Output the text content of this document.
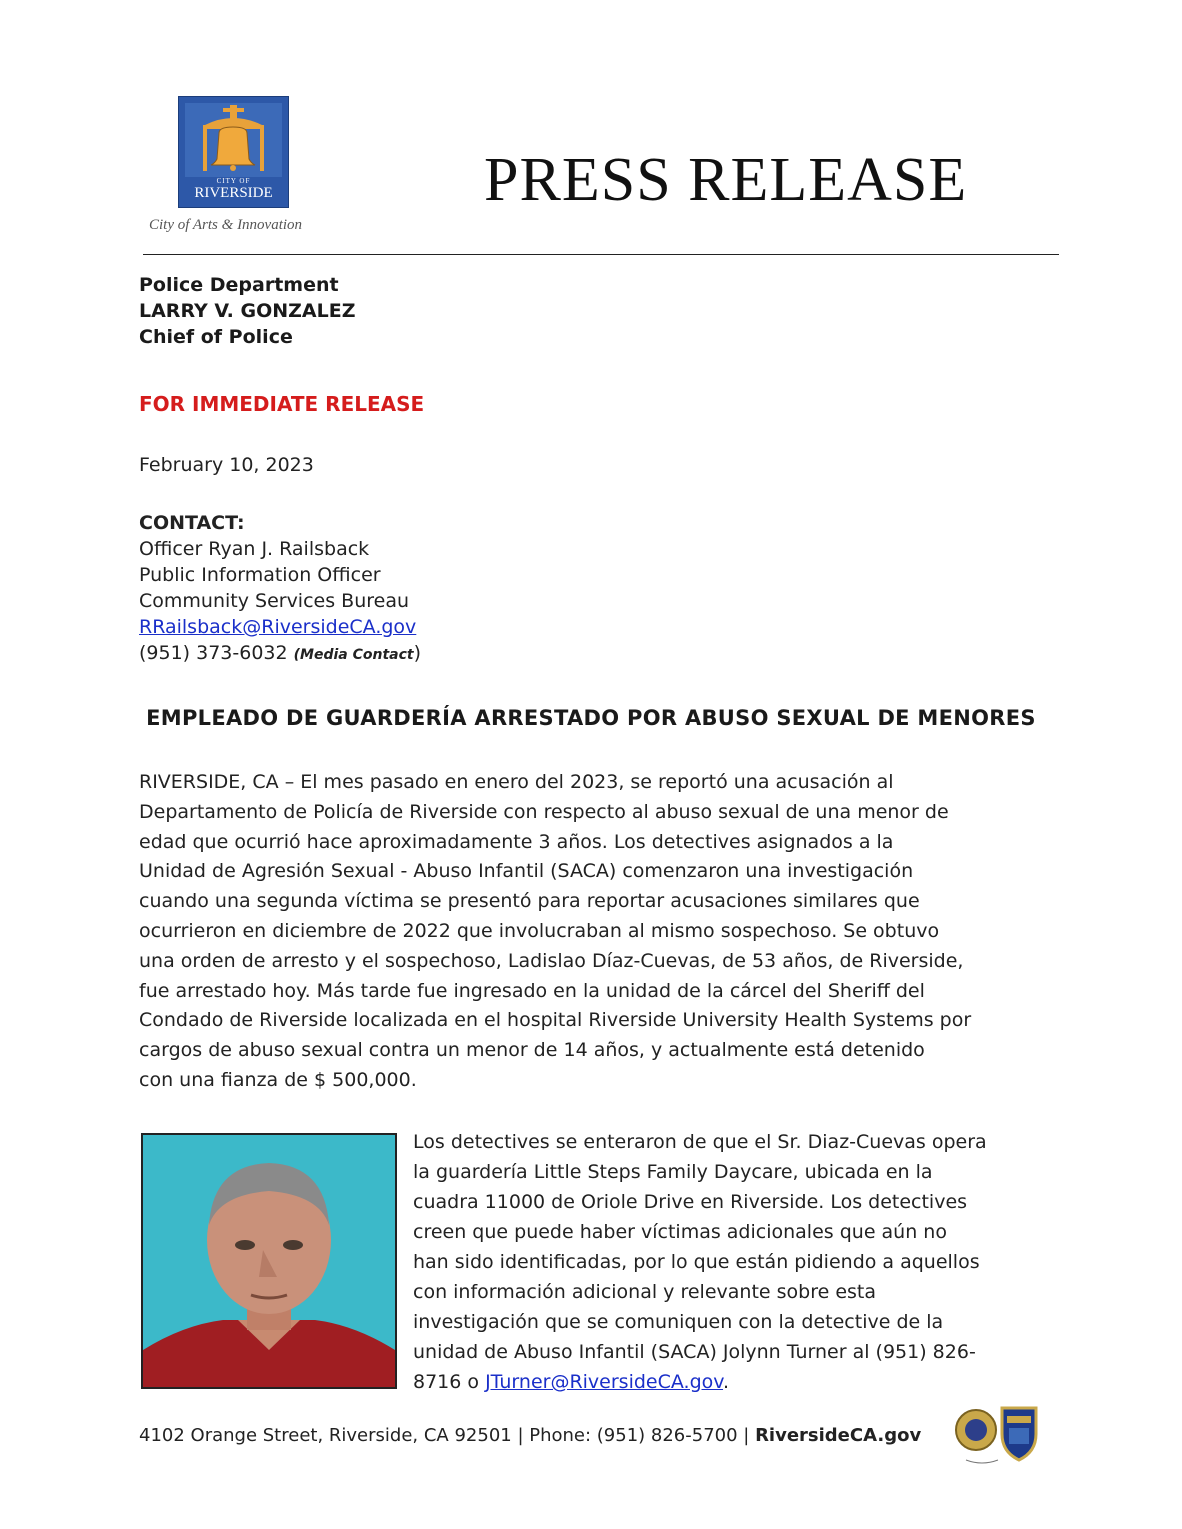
CITY OF
RIVERSIDE
City of Arts & Innovation
PRESS RELEASE
Police Department
LARRY V. GONZALEZ
Chief of Police
FOR IMMEDIATE RELEASE
February 10, 2023
CONTACT:
Officer Ryan J. Railsback
Public Information Officer
Community Services Bureau
RRailsback@RiversideCA.gov
(951) 373-6032 (Media Contact)
EMPLEADO DE GUARDERÍA ARRESTADO POR ABUSO SEXUAL DE MENORES
RIVERSIDE, CA – El mes pasado en enero del 2023, se reportó una acusación al
Departamento de Policía de Riverside con respecto al abuso sexual de una menor de
edad que ocurrió hace aproximadamente 3 años. Los detectives asignados a la
Unidad de Agresión Sexual - Abuso Infantil (SACA) comenzaron una investigación
cuando una segunda víctima se presentó para reportar acusaciones similares que
ocurrieron en diciembre de 2022 que involucraban al mismo sospechoso. Se obtuvo
una orden de arresto y el sospechoso, Ladislao Díaz-Cuevas, de 53 años, de Riverside,
fue arrestado hoy. Más tarde fue ingresado en la unidad de la cárcel del Sheriff del
Condado de Riverside localizada en el hospital Riverside University Health Systems por
cargos de abuso sexual contra un menor de 14 años, y actualmente está detenido
con una fianza de $ 500,000.
Los detectives se enteraron de que el Sr. Diaz-Cuevas opera
la guardería Little Steps Family Daycare, ubicada en la
cuadra 11000 de Oriole Drive en Riverside. Los detectives
creen que puede haber víctimas adicionales que aún no
han sido identificadas, por lo que están pidiendo a aquellos
con información adicional y relevante sobre esta
investigación que se comuniquen con la detective de la
unidad de Abuso Infantil (SACA) Jolynn Turner al (951) 826-
8716 o JTurner@RiversideCA.gov.
4102 Orange Street, Riverside, CA 92501 | Phone: (951) 826-5700 | RiversideCA.gov
